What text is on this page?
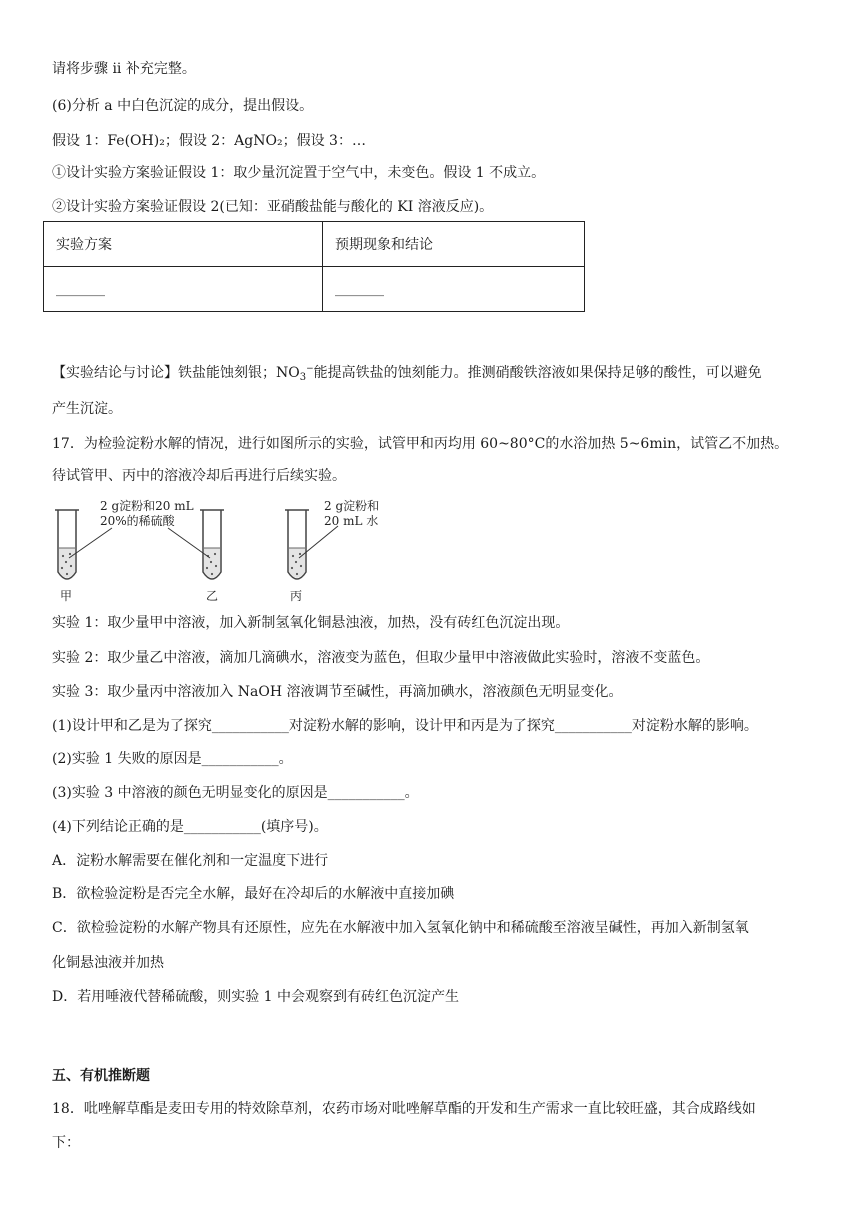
请将步骤 ii 补充完整。
(6)分析 a 中白色沉淀的成分，提出假设。
假设 1：Fe(OH)₂；假设 2：AgNO₂；假设 3：…
①设计实验方案验证假设 1：取少量沉淀置于空气中，未变色。假设 1 不成立。
②设计实验方案验证假设 2(已知：亚硝酸盐能与酸化的 KI 溶液反应)。
实验方案	预期现象和结论
_______	_______
【实验结论与讨论】铁盐能蚀刻银；$NO_3^-$能提高铁盐的蚀刻能力。推测硝酸铁溶液如果保持足够的酸性，可以避免
产生沉淀。
17．为检验淀粉水解的情况，进行如图所示的实验，试管甲和丙均用 60~80°C的水浴加热 5~6min，试管乙不加热。
待试管甲、丙中的溶液冷却后再进行后续实验。
2 g淀粉和20 mL
20%的稀硫酸
2 g淀粉和
20 mL 水
甲	乙	丙
实验 1：取少量甲中溶液，加入新制氢氧化铜悬浊液，加热，没有砖红色沉淀出现。
实验 2：取少量乙中溶液，滴加几滴碘水，溶液变为蓝色，但取少量甲中溶液做此实验时，溶液不变蓝色。
实验 3：取少量丙中溶液加入 NaOH 溶液调节至碱性，再滴加碘水，溶液颜色无明显变化。
(1)设计甲和乙是为了探究___________对淀粉水解的影响，设计甲和丙是为了探究___________对淀粉水解的影响。
(2)实验 1 失败的原因是___________。
(3)实验 3 中溶液的颜色无明显变化的原因是___________。
(4)下列结论正确的是___________(填序号)。
A．淀粉水解需要在催化剂和一定温度下进行
B．欲检验淀粉是否完全水解，最好在冷却后的水解液中直接加碘
C．欲检验淀粉的水解产物具有还原性，应先在水解液中加入氢氧化钠中和稀硫酸至溶液呈碱性，再加入新制氢氧
化铜悬浊液并加热
D．若用唾液代替稀硫酸，则实验 1 中会观察到有砖红色沉淀产生
五、有机推断题
18．吡唑解草酯是麦田专用的特效除草剂，农药市场对吡唑解草酯的开发和生产需求一直比较旺盛，其合成路线如
下：
